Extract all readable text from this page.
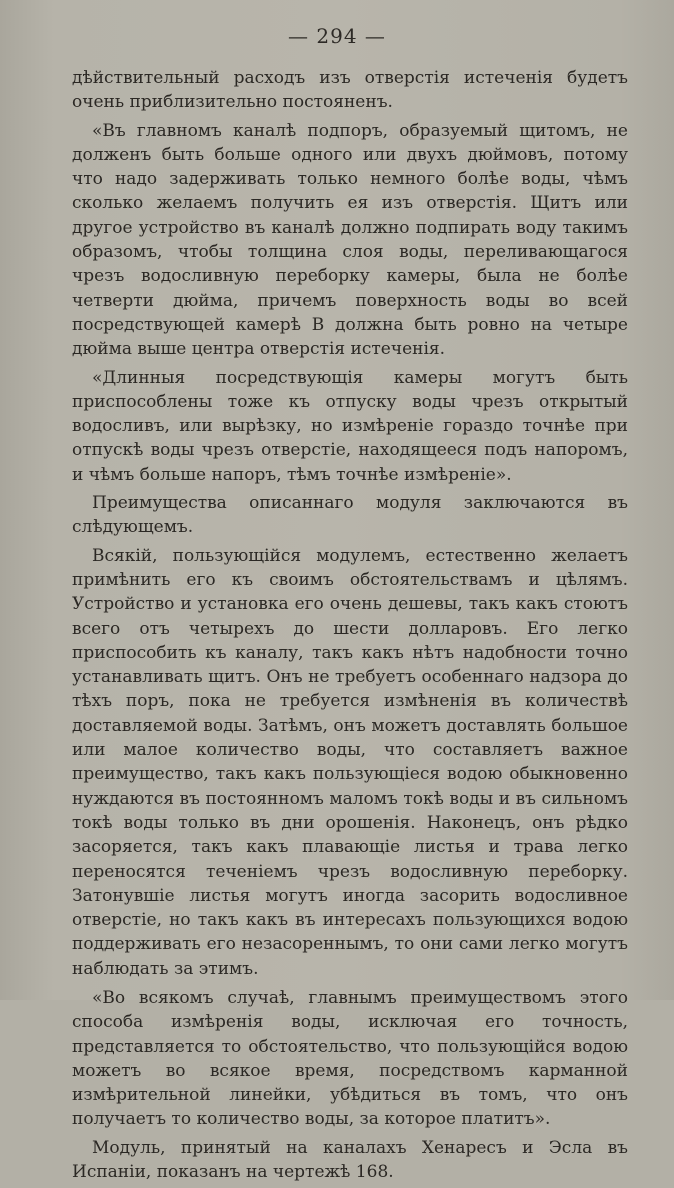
— 294 —

дѣйствительный расходъ изъ отверстія истеченія будетъ очень приблизительно постояненъ.

«Въ главномъ каналѣ подпоръ, образуемый щитомъ, не долженъ быть больше одного или двухъ дюймовъ, потому что надо задерживать только немного болѣе воды, чѣмъ сколько желаемъ получить ея изъ отверстія. Щитъ или другое устройство въ каналѣ должно подпирать воду такимъ образомъ, чтобы толщина слоя воды, переливающагося чрезъ водосливную переборку камеры, была не болѣе четверти дюйма, причемъ поверхность воды во всей посредствующей камерѣ B должна быть ровно на четыре дюйма выше центра отверстія истеченія.

«Длинныя посредствующія камеры могутъ быть приспособлены тоже къ отпуску воды чрезъ открытый водосливъ, или вырѣзку, но измѣреніе гораздо точнѣе при отпускѣ воды чрезъ отверстіе, находящееся подъ напоромъ, и чѣмъ больше напоръ, тѣмъ точнѣе измѣреніе».

Преимущества описаннаго модуля заключаются въ слѣдующемъ.

Всякій, пользующійся модулемъ, естественно желаетъ примѣнить его къ своимъ обстоятельствамъ и цѣлямъ. Устройство и установка его очень дешевы, такъ какъ стоютъ всего отъ четырехъ до шести долларовъ. Его легко приспособить къ каналу, такъ какъ нѣтъ надобности точно устанавливать щитъ. Онъ не требуетъ особеннаго надзора до тѣхъ поръ, пока не требуется измѣненія въ количествѣ доставляемой воды. Затѣмъ, онъ можетъ доставлять большое или малое количество воды, что составляетъ важное преимущество, такъ какъ пользующіеся водою обыкновенно нуждаются въ постоянномъ маломъ токѣ воды и въ сильномъ токѣ воды только въ дни орошенія. Наконецъ, онъ рѣдко засоряется, такъ какъ плавающіе листья и трава легко переносятся теченіемъ чрезъ водосливную переборку. Затонувшіе листья могутъ иногда засорить водосливное отверстіе, но такъ какъ въ интересахъ пользующихся водою поддерживать его незасореннымъ, то они сами легко могутъ наблюдать за этимъ.

«Во всякомъ случаѣ, главнымъ преимуществомъ этого способа измѣренія воды, исключая его точность, представляется то обстоятельство, что пользующійся водою можетъ во всякое время, посредствомъ карманной измѣрительной линейки, убѣдиться въ томъ, что онъ получаетъ то количество воды, за которое платитъ».

Модуль, принятый на каналахъ Хенаресъ и Эсла въ Испаніи, показанъ на чертежѣ 168.
